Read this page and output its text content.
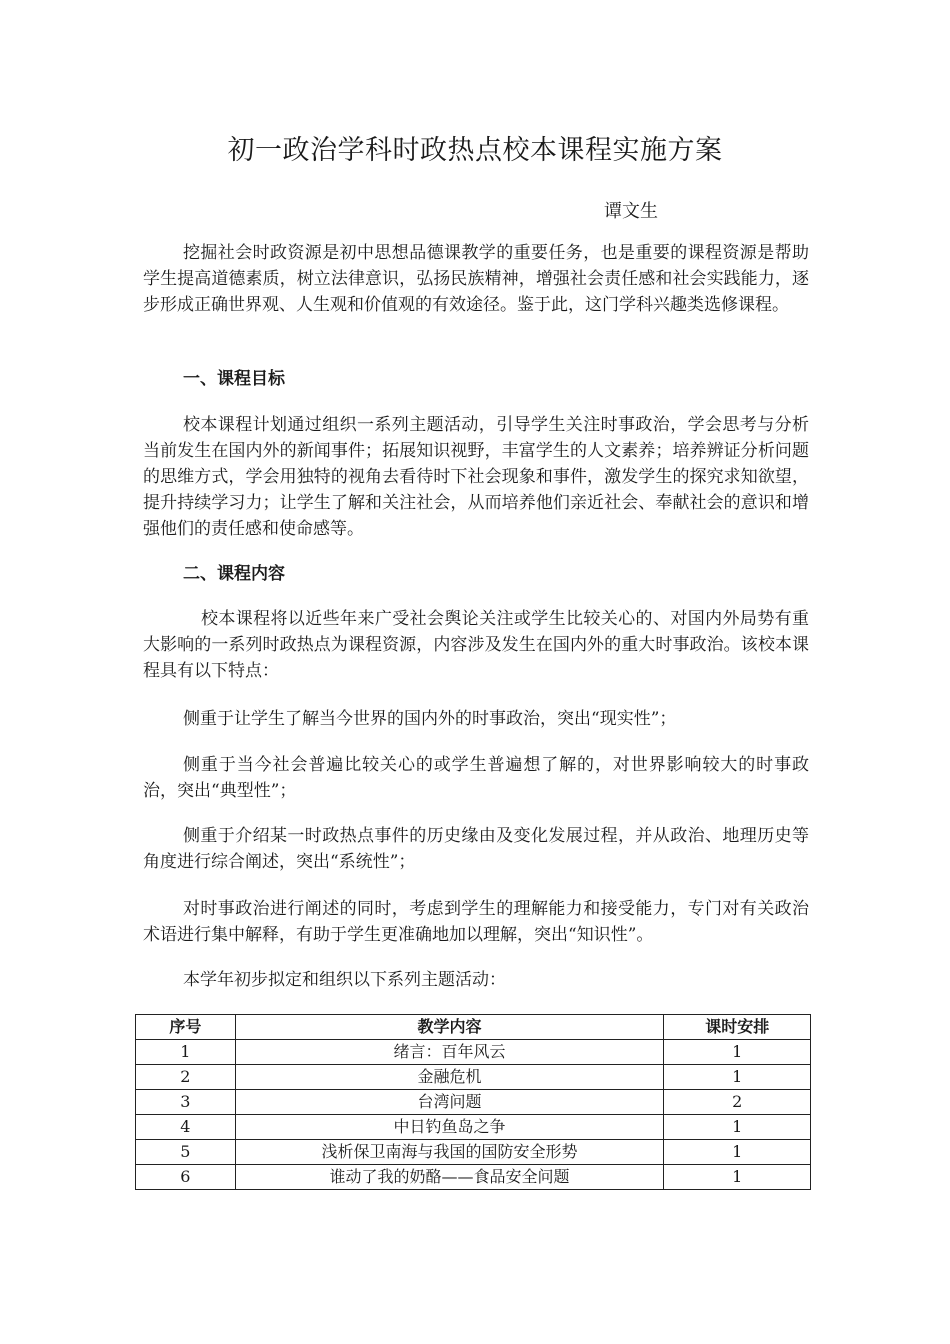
初一政治学科时政热点校本课程实施方案
谭文生

挖掘社会时政资源是初中思想品德课教学的重要任务，也是重要的课程资源是帮助学生提高道德素质，树立法律意识，弘扬民族精神，增强社会责任感和社会实践能力，逐步形成正确世界观、人生观和价值观的有效途径。鉴于此，这门学科兴趣类选修课程。

一、课程目标

校本课程计划通过组织一系列主题活动，引导学生关注时事政治，学会思考与分析当前发生在国内外的新闻事件；拓展知识视野，丰富学生的人文素养；培养辨证分析问题的思维方式，学会用独特的视角去看待时下社会现象和事件，激发学生的探究求知欲望，提升持续学习力；让学生了解和关注社会，从而培养他们亲近社会、奉献社会的意识和增强他们的责任感和使命感等。

二、课程内容

校本课程将以近些年来广受社会舆论关注或学生比较关心的、对国内外局势有重大影响的一系列时政热点为课程资源，内容涉及发生在国内外的重大时事政治。该校本课程具有以下特点：

侧重于让学生了解当今世界的国内外的时事政治，突出“现实性”；

侧重于当今社会普遍比较关心的或学生普遍想了解的，对世界影响较大的时事政治，突出“典型性”；

侧重于介绍某一时政热点事件的历史缘由及变化发展过程，并从政治、地理历史等角度进行综合阐述，突出“系统性”；

对时事政治进行阐述的同时，考虑到学生的理解能力和接受能力，专门对有关政治术语进行集中解释，有助于学生更准确地加以理解，突出“知识性”。

本学年初步拟定和组织以下系列主题活动：

序号	教学内容	课时安排
1	绪言：百年风云	1
2	金融危机	1
3	台湾问题	2
4	中日钓鱼岛之争	1
5	浅析保卫南海与我国的国防安全形势	1
6	谁动了我的奶酪——食品安全问题	1
